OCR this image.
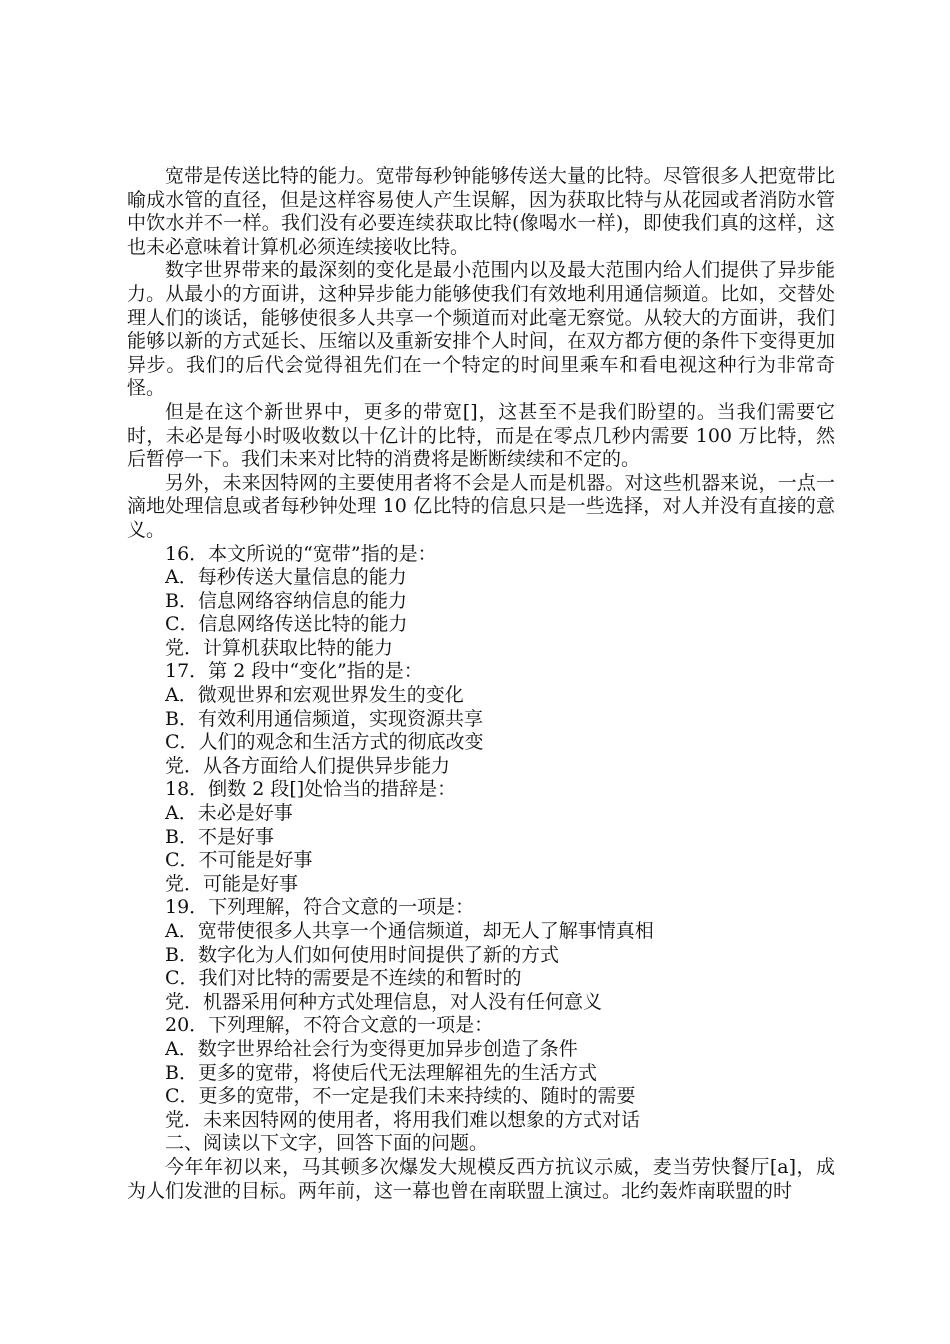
宽带是传送比特的能力。宽带每秒钟能够传送大量的比特。尽管很多人把宽带比喻成水管的直径，但是这样容易使人产生误解，因为获取比特与从花园或者消防水管中饮水并不一样。我们没有必要连续获取比特(像喝水一样)，即使我们真的这样，这也未必意味着计算机必须连续接收比特。

数字世界带来的最深刻的变化是最小范围内以及最大范围内给人们提供了异步能力。从最小的方面讲，这种异步能力能够使我们有效地利用通信频道。比如，交替处理人们的谈话，能够使很多人共享一个频道而对此毫无察觉。从较大的方面讲，我们能够以新的方式延长、压缩以及重新安排个人时间，在双方都方便的条件下变得更加异步。我们的后代会觉得祖先们在一个特定的时间里乘车和看电视这种行为非常奇怪。

但是在这个新世界中，更多的带宽[]，这甚至不是我们盼望的。当我们需要它时，未必是每小时吸收数以十亿计的比特，而是在零点几秒内需要 100 万比特，然后暂停一下。我们未来对比特的消费将是断断续续和不定的。

另外，未来因特网的主要使用者将不会是人而是机器。对这些机器来说，一点一滴地处理信息或者每秒钟处理 10 亿比特的信息只是一些选择，对人并没有直接的意义。

16．本文所说的“宽带”指的是：

A．每秒传送大量信息的能力

B．信息网络容纳信息的能力

C．信息网络传送比特的能力

党．计算机获取比特的能力

17．第 2 段中“变化”指的是：

A．微观世界和宏观世界发生的变化

B．有效利用通信频道，实现资源共享

C．人们的观念和生活方式的彻底改变

党．从各方面给人们提供异步能力

18．倒数 2 段[]处恰当的措辞是：

A．未必是好事

B．不是好事

C．不可能是好事

党．可能是好事

19．下列理解，符合文意的一项是：

A．宽带使很多人共享一个通信频道，却无人了解事情真相

B．数字化为人们如何使用时间提供了新的方式

C．我们对比特的需要是不连续的和暂时的

党．机器采用何种方式处理信息，对人没有任何意义

20．下列理解，不符合文意的一项是：

A．数字世界给社会行为变得更加异步创造了条件

B．更多的宽带，将使后代无法理解祖先的生活方式

C．更多的宽带，不一定是我们未来持续的、随时的需要

党．未来因特网的使用者，将用我们难以想象的方式对话

二、阅读以下文字，回答下面的问题。

今年年初以来，马其顿多次爆发大规模反西方抗议示威，麦当劳快餐厅[a]，成为人们发泄的目标。两年前，这一幕也曾在南联盟上演过。北约轰炸南联盟的时
